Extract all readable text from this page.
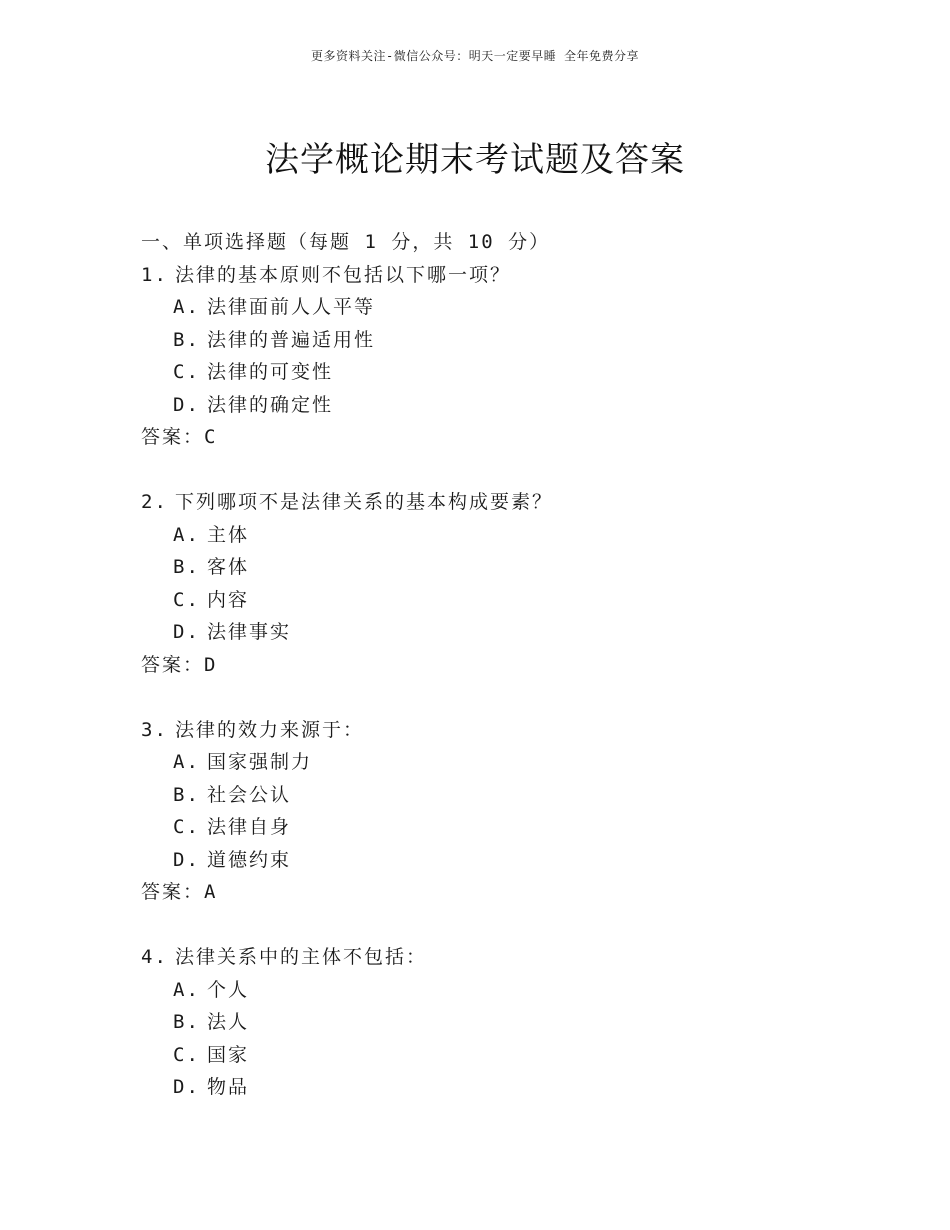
更多资料关注-微信公众号：明天一定要早睡 全年免费分享
法学概论期末考试题及答案
一、单项选择题（每题 1 分，共 10 分）
1. 法律的基本原则不包括以下哪一项？
A. 法律面前人人平等
B. 法律的普遍适用性
C. 法律的可变性
D. 法律的确定性
答案：C
2. 下列哪项不是法律关系的基本构成要素？
A. 主体
B. 客体
C. 内容
D. 法律事实
答案：D
3. 法律的效力来源于：
A. 国家强制力
B. 社会公认
C. 法律自身
D. 道德约束
答案：A
4. 法律关系中的主体不包括：
A. 个人
B. 法人
C. 国家
D. 物品
